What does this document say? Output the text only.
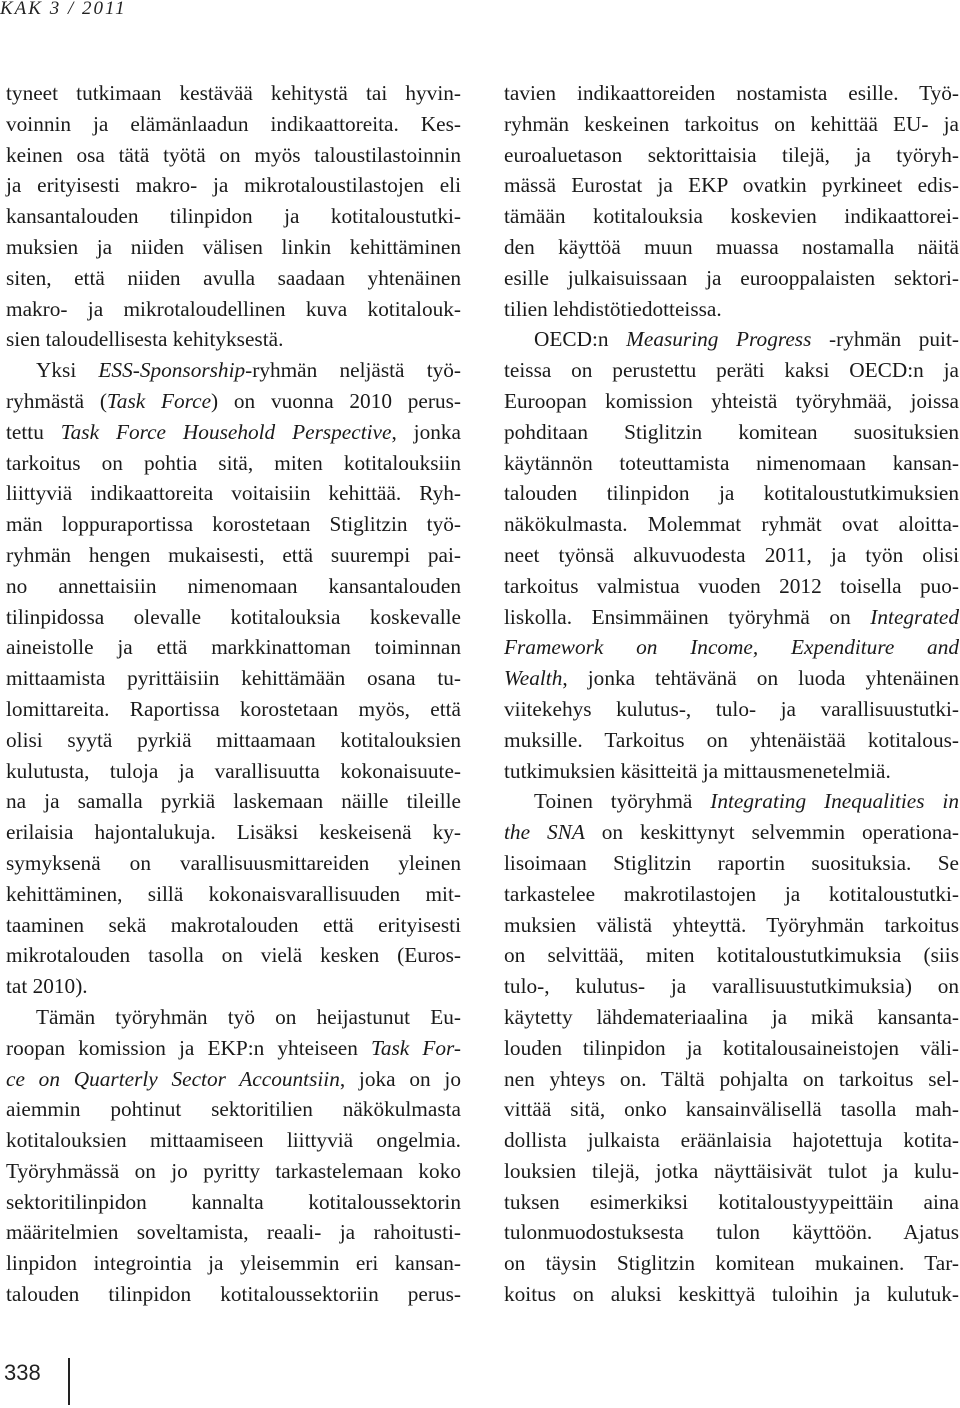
KAK 3 / 2011
tyneet tutkimaan kestävää kehitystä tai hyvin-
voinnin ja elämänlaadun indikaattoreita. Kes-
keinen osa tätä työtä on myös taloustilastoinnin
ja erityisesti makro- ja mikrotaloustilastojen eli
kansantalouden tilinpidon ja kotitaloustutki-
muksien ja niiden välisen linkin kehittäminen
siten, että niiden avulla saadaan yhtenäinen
makro- ja mikrotaloudellinen kuva kotitalouk-
sien taloudellisesta kehityksestä.
Yksi ESS-Sponsorship-ryhmän neljästä työ-
ryhmästä (Task Force) on vuonna 2010 perus-
tettu Task Force Household Perspective, jonka
tarkoitus on pohtia sitä, miten kotitalouksiin
liittyviä indikaattoreita voitaisiin kehittää. Ryh-
män loppuraportissa korostetaan Stiglitzin työ-
ryhmän hengen mukaisesti, että suurempi pai-
no annettaisiin nimenomaan kansantalouden
tilinpidossa olevalle kotitalouksia koskevalle
aineistolle ja että markkinattoman toiminnan
mittaamista pyrittäisiin kehittämään osana tu-
lomittareita. Raportissa korostetaan myös, että
olisi syytä pyrkiä mittaamaan kotitalouksien
kulutusta, tuloja ja varallisuutta kokonaisuute-
na ja samalla pyrkiä laskemaan näille tileille
erilaisia hajontalukuja. Lisäksi keskeisenä ky-
symyksenä on varallisuusmittareiden yleinen
kehittäminen, sillä kokonaisvarallisuuden mit-
taaminen sekä makrotalouden että erityisesti
mikrotalouden tasolla on vielä kesken (Euros-
tat 2010).
Tämän työryhmän työ on heijastunut Eu-
roopan komission ja EKP:n yhteiseen Task For-
ce on Quarterly Sector Accountsiin, joka on jo
aiemmin pohtinut sektoritilien näkökulmasta
kotitalouksien mittaamiseen liittyviä ongelmia.
Työryhmässä on jo pyritty tarkastelemaan koko
sektoritilinpidon kannalta kotitaloussektorin
määritelmien soveltamista, reaali- ja rahoitusti-
linpidon integrointia ja yleisemmin eri kansan-
talouden tilinpidon kotitaloussektoriin perus-
tavien indikaattoreiden nostamista esille. Työ-
ryhmän keskeinen tarkoitus on kehittää EU- ja
euroaluetason sektorittaisia tilejä, ja työryh-
mässä Eurostat ja EKP ovatkin pyrkineet edis-
tämään kotitalouksia koskevien indikaattorei-
den käyttöä muun muassa nostamalla näitä
esille julkaisuissaan ja eurooppalaisten sektori-
tilien lehdistötiedotteissa.
OECD:n Measuring Progress -ryhmän puit-
teissa on perustettu peräti kaksi OECD:n ja
Euroopan komission yhteistä työryhmää, joissa
pohditaan Stiglitzin komitean suosituksien
käytännön toteuttamista nimenomaan kansan-
talouden tilinpidon ja kotitaloustutkimuksien
näkökulmasta. Molemmat ryhmät ovat aloitta-
neet työnsä alkuvuodesta 2011, ja työn olisi
tarkoitus valmistua vuoden 2012 toisella puo-
liskolla. Ensimmäinen työryhmä on Integrated
Framework on Income, Expenditure and
Wealth, jonka tehtävänä on luoda yhtenäinen
viitekehys kulutus-, tulo- ja varallisuustutki-
muksille. Tarkoitus on yhtenäistää kotitalous-
tutkimuksien käsitteitä ja mittausmenetelmiä.
Toinen työryhmä Integrating Inequalities in
the SNA on keskittynyt selvemmin operationa-
lisoimaan Stiglitzin raportin suosituksia. Se
tarkastelee makrotilastojen ja kotitaloustutki-
muksien välistä yhteyttä. Työryhmän tarkoitus
on selvittää, miten kotitaloustutkimuksia (siis
tulo-, kulutus- ja varallisuustutkimuksia) on
käytetty lähdemateriaalina ja mikä kansanta-
louden tilinpidon ja kotitalousaineistojen väli-
nen yhteys on. Tältä pohjalta on tarkoitus sel-
vittää sitä, onko kansainvälisellä tasolla mah-
dollista julkaista eräänlaisia hajotettuja kotita-
louksien tilejä, jotka näyttäisivät tulot ja kulu-
tuksen esimerkiksi kotitaloustyypeittäin aina
tulonmuodostuksesta tulon käyttöön. Ajatus
on täysin Stiglitzin komitean mukainen. Tar-
koitus on aluksi keskittyä tuloihin ja kulutuk-
338
